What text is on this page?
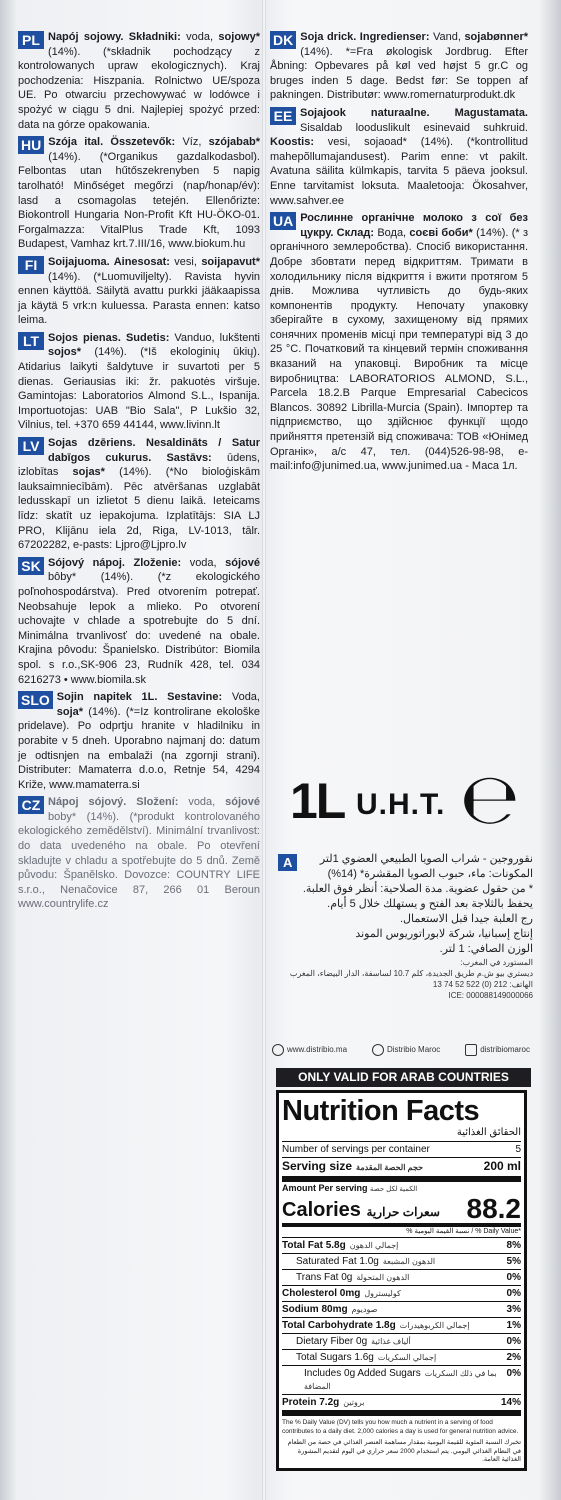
PL Napój sojowy. Składniki: voda, sojowy* (14%). (*składnik pochodzący z kontrolowanych upraw ekologicznych). Kraj pochodzenia: Hiszpania. Rolnictwo UE/spoza UE. Po otwarciu przechowywać w lodówce i spożyć w ciągu 5 dni. Najlepiej spożyć przed: data na górze opakowania.
HU Szója ital. Összetevők: Víz, szójabab* (14%). (*Organikus gazdalkodasbol). Felbontas utan hűtőszekrenyben 5 napig tarolható! Minőséget megőrzi (nap/honap/év): lasd a csomagolas tetején. Ellenőrizte: Biokontroll Hungaria Non-Profit Kft HU-ÖKO-01. Forgalmazza: VitalPlus Trade Kft, 1093 Budapest, Vamhaz krt.7.III/16, www.biokum.hu
FI Soijajuoma. Ainesosat: vesi, soijapavut* (14%). (*Luomuviljelty). Ravista hyvin ennen käyttöä. Säilytä avattu purkki jääkaapissa ja käytä 5 vrk:n kuluessa. Parasta ennen: katso leima.
LT Sojos pienas. Sudetis: Vanduo, lukštenti sojos* (14%). (*Iš ekologinių ūkių). Atidarius laikyti šaldytuve ir suvartoti per 5 dienas. Geriausias iki: žr. pakuotės viršuje. Gamintojas: Laboratorios Almond S.L., Ispanija. Importuotojas: UAB "Bio Sala", P Lukšio 32, Vilnius, tel. +370 659 44144, www.livinn.lt
LV Sojas dzēriens. Nesaldināts / Satur dabīgos cukurus. Sastāvs: ūdens, izlobītas sojas* (14%). (*No bioloģiskām lauksaimniecībām). Pēc atvēršanas uzglabāt ledusskapī un izlietot 5 dienu laikā. Ieteicams līdz: skatīt uz iepakojuma. Izplatītājs: SIA LJ PRO, Klijānu iela 2d, Riga, LV-1013, tālr. 67202282, e-pasts: Ljpro@Ljpro.lv
SK Sójový nápoj. Zloženie: voda, sójové bôby* (14%). (*z ekologického poľnohospodárstva). Pred otvorením potrepať. Neobsahuje lepok a mlieko. Po otvorení uchovajte v chlade a spotrebujte do 5 dní. Minimálna trvanlivosť do: uvedené na obale. Krajina pôvodu: Španielsko. Distribútor: Biomila spol. s r.o.,SK-906 23, Rudník 428, tel. 034 6216273 • www.biomila.sk
SLO Sojin napitek 1L. Sestavine: Voda, soja* (14%). (*=Iz kontrolirane ekološke pridelave). Po odprtju hranite v hladilniku in porabite v 5 dneh. Uporabno najmanj do: datum je odtisnjen na embalaži (na zgornji strani). Distributer: Mamaterra d.o.o, Retnje 54, 4294 Križe, www.mamaterra.si
CZ Nápoj sójový. Složení: voda, sójové boby* (14%). (*produkt kontrolovaného ekologického zemědělství). Minimální trvanlivost: do data uvedeného na obale. Po otevření skladujte v chladu a spotřebujte do 5 dnů. Země původu: Španělsko. Dovozce: COUNTRY LIFE s.r.o., Nenačovice 87, 266 01 Beroun www.countrylife.cz
DK Soja drick. Ingredienser: Vand, sojabønner* (14%). *=Fra økologisk Jordbrug. Efter Åbning: Opbevares på køl ved højst 5 gr.C og bruges inden 5 dage. Bedst før: Se toppen af pakningen. Distributør: www.romernaturprodukt.dk
EE Sojajook naturaalne. Magustamata. Sisaldab looduslikult esinevaid suhkruid. Koostis: vesi, sojaoad* (14%). (*kontrollitud mahepõllumajandusest). Parim enne: vt pakilt. Avatuna säilita külmkapis, tarvita 5 päeva jooksul. Enne tarvitamist loksuta. Maaletooja: Ökosahver, www.sahver.ee
UA Рослинне органічне молоко з сої без цукру. Склад: Вода, соєві боби* (14%). (* з органічного землеробства). Спосіб використання. Добре збовтати перед відкриттям. Тримати в холодильнику після відкриття і вжити протягом 5 днів. Можлива чутливість до будь-яких компонентів продукту. Непочату упаковку зберігайте в сухому, захищеному від прямих сонячних променів місці при температурі від 3 до 25 °С. Початковий та кінцевий термін споживання вказаний на упаковці. Виробник та місце виробництва: LABORATORIOS ALMOND, S.L., Parcela 18.2.B Parque Empresarial Cabecicos Blancos. 30892 Librilla-Murcia (Spain). Імпортер та підприємство, що здійснює функції щодо прийняття претензій від споживача: ТОВ «Юнімед Органік», а/с 47, тел. (044)526-98-98, e-mail:info@junimed.ua, www.junimed.ua - Маса 1л.
1L U.H.T. ℮
A	نقوروجين - شراب الصويا الطبيعي العضوي 1لتر
المكونات: ماء، حبوب الصويا المقشرة* (14%)
* من حقول عضوية. مدة الصلاحية: أنظر فوق العلبة.
يحفظ بالثلاجة بعد الفتح و يستهلك خلال 5 أيام.
رج العلبة جيدا قبل الاستعمال.
إنتاج إسبانيا، شركة لابوراتوريوس الموند
الوزن الصافي: 1 لتر.
المستورد في المغرب:
ديستري بيو ش.م طريق الجديدة، كلم 10.7 لساسفة، الدار البيضاء، المغرب
الهاتف: 212 (0) 522 52 74 13
ICE: 000088149000066
www.distribio.ma	Distribio Maroc	distribiomaroc
ONLY VALID FOR ARAB COUNTRIES
Nutrition Facts
الحقائق الغذائية
Number of servings per container	5
Serving size حجم الحصة المقدمة	200 ml
Amount Per serving الكمية لكل حصة
Calories سعرات حرارية 88.2
% نسبة القيمة اليومية / % Daily Value*
Total Fat 5.8g إجمالي الدهون	8%
Saturated Fat 1.0g الدهون المشبعة	5%
Trans Fat 0g الدهون المتحولة	0%
Cholesterol 0mg كوليسترول	0%
Sodium 80mg صوديوم	3%
Total Carbohydrate 1.8g إجمالي الكربوهيدرات	1%
Dietary Fiber 0g ألياف غذائية	0%
Total Sugars 1.6g إجمالي السكريات	2%
Includes 0g Added Sugars بما في ذلك السكريات المضافة
0%
Protein 7.2g بروتين	14%
The % Daily Value (DV) tells you how much a nutrient in a serving of food contributes to a daily diet. 2,000 calories a day is used for general nutrition advice.
تخبرك النسبة المئوية للقيمة اليومية بمقدار مساهمة العنصر الغذائي في حصة من الطعام في النظام الغذائي اليومي. يتم استخدام 2000 سعر حراري في اليوم لتقديم المشورة الغذائية العامة.
